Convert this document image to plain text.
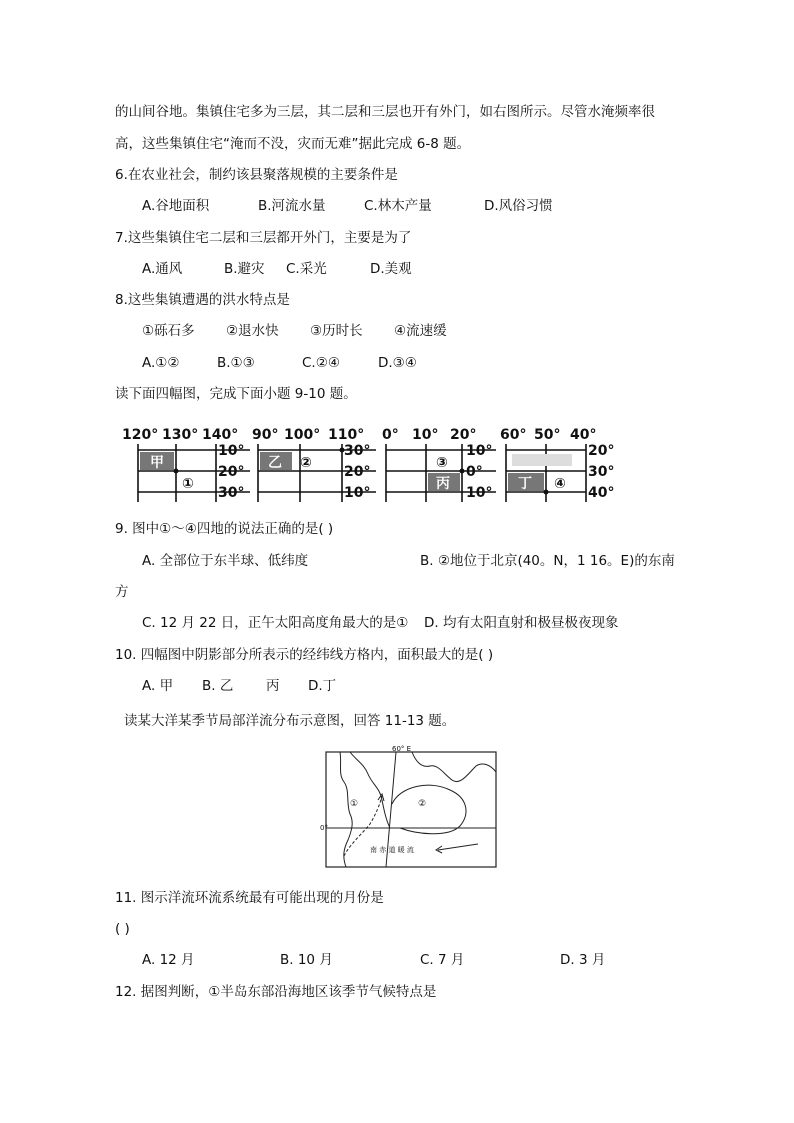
的山间谷地。集镇住宅多为三层，其二层和三层也开有外门，如右图所示。尽管水淹频率很
高，这些集镇住宅“淹而不没，灾而无难”据此完成 6-8 题。
6.在农业社会，制约该县聚落规模的主要条件是
A.谷地面积	B.河流水量	C.林木产量	D.风俗习惯
7.这些集镇住宅二层和三层都开外门，主要是为了
A.通风	B.避灾 C.采光	D.美观
8.这些集镇遭遇的洪水特点是
①砾石多 ②退水快 ③历时长 ④流速缓
A.①②	B.①③	C.②④	D.③④
读下面四幅图，完成下面小题 9-10 题。
120° 130° 140°
甲
①
10°
20°
30°
90° 100° 110°
乙 ②
30°
20°
10°
0° 10° 20°
丙
③
10°
0°
10°
60° 50° 40°
丁 ④
20°
30°
40°
9. 图中①～④四地的说法正确的是( )
A. 全部位于东半球、低纬度	B. ②地位于北京(40。N，1 16。E)的东南
方
C. 12 月 22 日，正午太阳高度角最大的是① D. 均有太阳直射和极昼极夜现象
10. 四幅图中阴影部分所表示的经纬线方格内，面积最大的是( )
A. 甲 B. 乙 丙 D.丁
读某大洋某季节局部洋流分布示意图，回答 11-13 题。
60° E
0°
①	②
南 赤 道 暖 流
11. 图示洋流环流系统最有可能出现的月份是
( )
A. 12 月	B. 10 月	C. 7 月	D. 3 月
12. 据图判断，①半岛东部沿海地区该季节气候特点是
